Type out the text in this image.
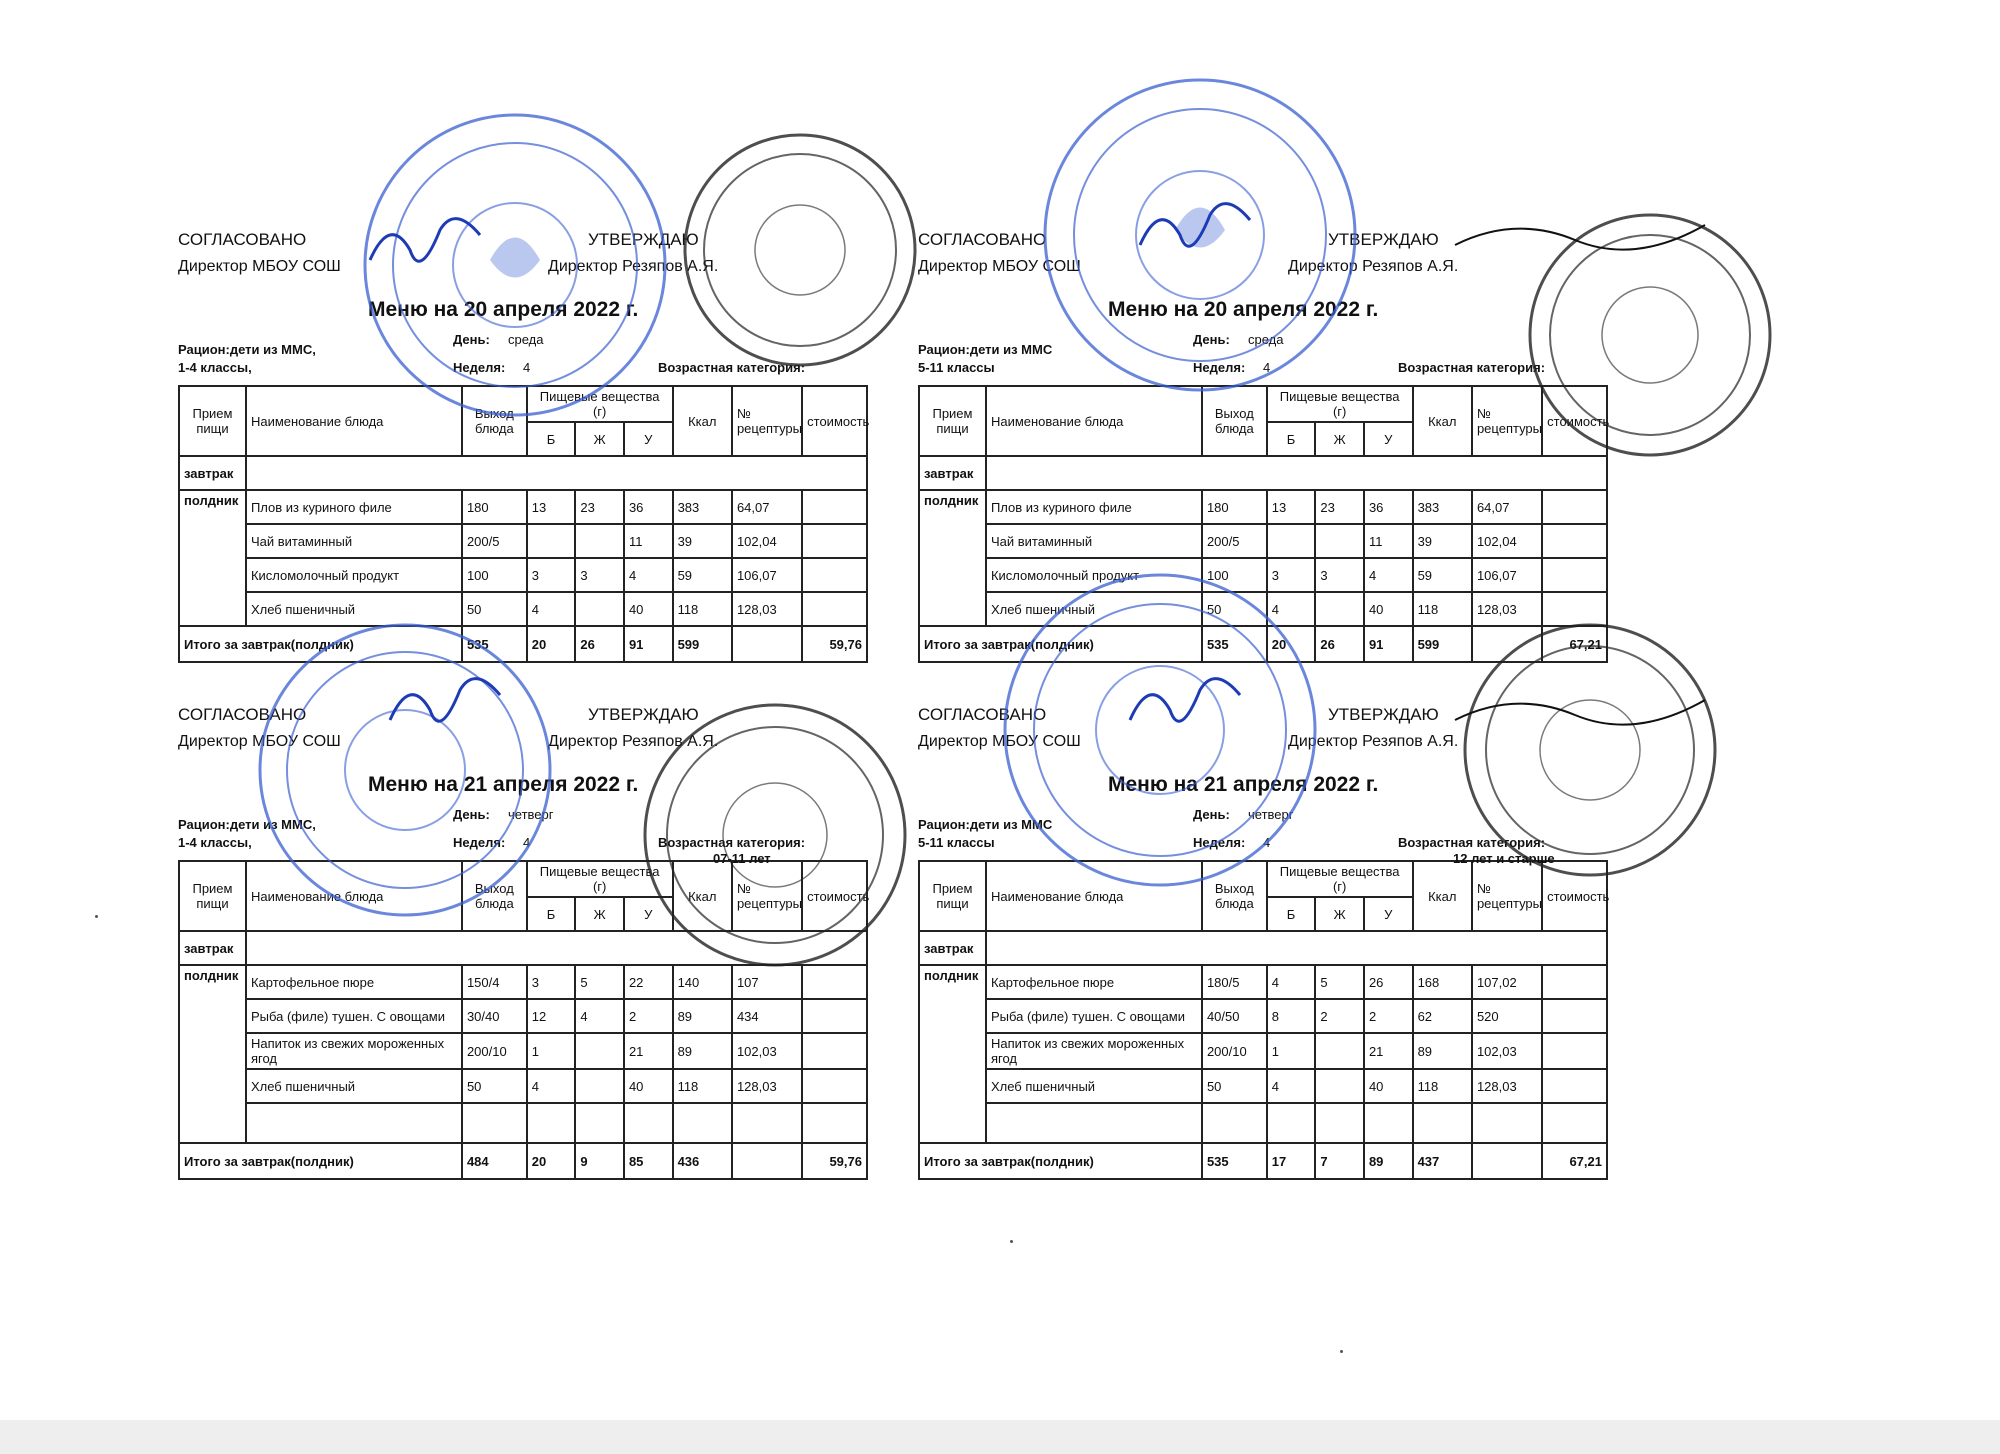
СОГЛАСОВАНО
Директор МБОУ СОШ
УТВЕРЖДАЮ
Директор Резяпов А.Я.
Меню на 20 апреля 2022 г.
Рацион:дети из ММС,
1-4 классы,
День: среда
Неделя: 4	Возрастная категория:
Прием пищи	Наименование блюда	Выход блюда	Пищевые вещества (г)			Ккал	№ рецептуры	стоимость
			Б	Ж	У			
завтрак								
полдник	Плов из куриного филе	180	13	23	36	383	64,07	
	Чай витаминный	200/5			11	39	102,04	
	Кисломолочный продукт	100	3	3	4	59	106,07	
	Хлеб пшеничный	50	4		40	118	128,03	
Итого за завтрак(полдник)		535	20	26	91	599		59,76
СОГЛАСОВАНО
Директор МБОУ СОШ
УТВЕРЖДАЮ
Директор Резяпов А.Я.
Меню на 20 апреля 2022 г.
Рацион:дети из ММС
5-11 классы
День: среда
Неделя: 4	Возрастная категория:
Прием пищи	Наименование блюда	Выход блюда	Пищевые вещества (г)			Ккал	№ рецептуры	стоимость
			Б	Ж	У			
завтрак								
полдник	Плов из куриного филе	180	13	23	36	383	64,07	
	Чай витаминный	200/5			11	39	102,04	
	Кисломолочный продукт	100	3	3	4	59	106,07	
	Хлеб пшеничный	50	4		40	118	128,03	
Итого за завтрак(полдник)		535	20	26	91	599		67,21
СОГЛАСОВАНО
Директор МБОУ СОШ
УТВЕРЖДАЮ
Директор Резяпов А.Я.
Меню на 21 апреля 2022 г.
Рацион:дети из ММС,
1-4 классы,
День: четверг
Неделя: 4	Возрастная категория:
07-11 лет
Прием пищи	Наименование блюда	Выход блюда	Пищевые вещества (г)			Ккал	№ рецептуры	стоимость
			Б	Ж	У			
завтрак								
полдник	Картофельное пюре	150/4	3	5	22	140	107	
	Рыба (филе) тушен. С овощами	30/40	12	4	2	89	434	
	Напиток из свежих мороженных ягод	200/10	1		21	89	102,03	
	Хлеб пшеничный	50	4		40	118	128,03	

Итого за завтрак(полдник)		484	20	9	85	436		59,76
СОГЛАСОВАНО
Директор МБОУ СОШ
УТВЕРЖДАЮ
Директор Резяпов А.Я.
Меню на 21 апреля 2022 г.
Рацион:дети из ММС
5-11 классы
День: четверг
Неделя: 4	Возрастная категория:
12 лет и старше
Прием пищи	Наименование блюда	Выход блюда	Пищевые вещества (г)			Ккал	№ рецептуры	стоимость
			Б	Ж	У			
завтрак								
полдник	Картофельное пюре	180/5	4	5	26	168	107,02	
	Рыба (филе) тушен. С овощами	40/50	8	2	2	62	520	
	Напиток из свежих мороженных ягод	200/10	1		21	89	102,03	
	Хлеб пшеничный	50	4		40	118	128,03	

Итого за завтрак(полдник)		535	17	7	89	437		67,21
